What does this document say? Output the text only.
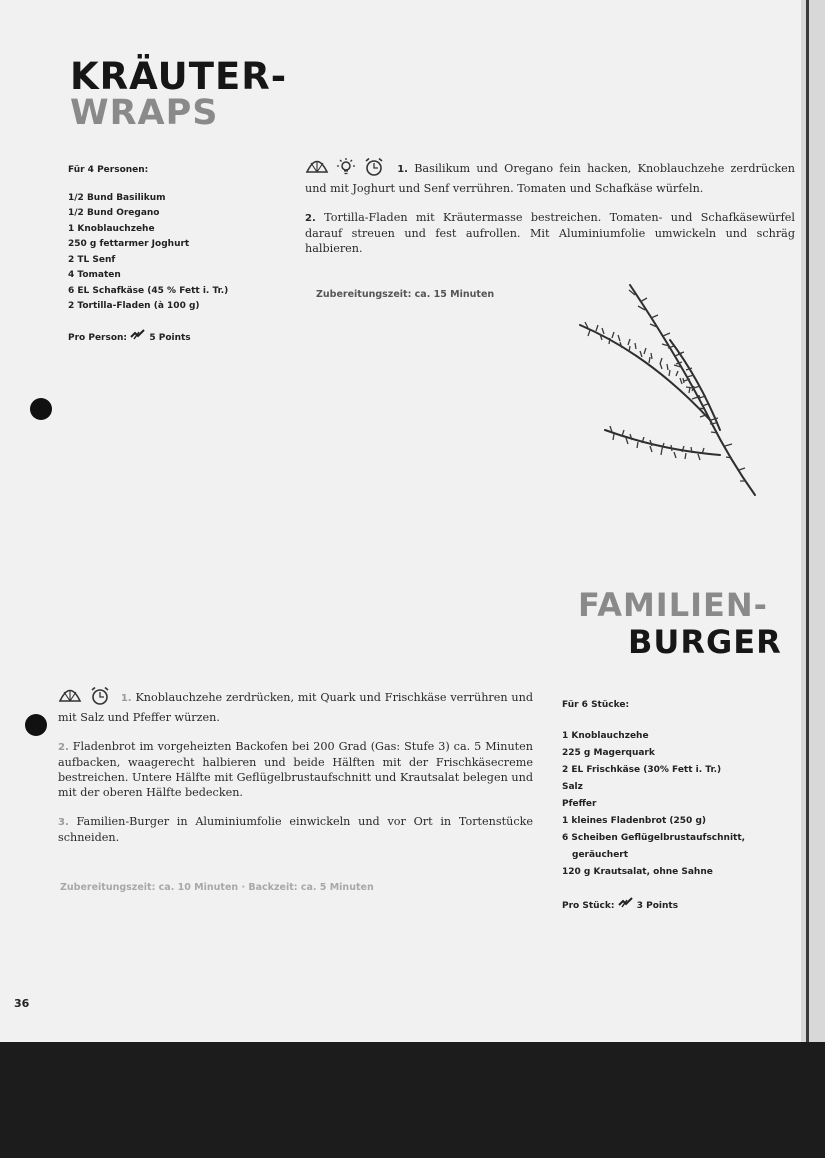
KRÄUTER-
WRAPS
Für 4 Personen:
1/2 Bund Basilikum
1/2 Bund Oregano
1 Knoblauchzehe
250 g fettarmer Joghurt
2 TL Senf
4 Tomaten
6 EL Schafkäse (45 % Fett i. Tr.)
2 Tortilla-Fladen (à 100 g)
Pro Person: 5 Points

1. Basilikum und Oregano fein hacken, Knoblauchzehe zerdrücken und mit Joghurt und Senf verrühren. Tomaten und Schafkäse würfeln.

2. Tortilla-Fladen mit Kräutermasse bestreichen. Tomaten- und Schafkäsewürfel darauf streuen und fest aufrollen. Mit Aluminiumfolie umwickeln und schräg halbieren.

Zubereitungszeit: ca. 15 Minuten
FAMILIEN-
BURGER

1. Knoblauchzehe zerdrücken, mit Quark und Frischkäse verrühren und mit Salz und Pfeffer würzen.

2. Fladenbrot im vorgeheizten Backofen bei 200 Grad (Gas: Stufe 3) ca. 5 Minuten aufbacken, waagerecht halbieren und beide Hälften mit der Frischkäsecreme bestreichen. Untere Hälfte mit Geflügelbrustaufschnitt und Krautsalat belegen und mit der oberen Hälfte bedecken.

3. Familien-Burger in Aluminiumfolie einwickeln und vor Ort in Tortenstücke schneiden.

Zubereitungszeit: ca. 10 Minuten · Backzeit: ca. 5 Minuten
Für 6 Stücke:
1 Knoblauchzehe
225 g Magerquark
2 EL Frischkäse (30% Fett i. Tr.)
Salz
Pfeffer
1 kleines Fladenbrot (250 g)
6 Scheiben Geflügelbrustaufschnitt,
geräuchert
120 g Krautsalat, ohne Sahne
Pro Stück: 3 Points
36
